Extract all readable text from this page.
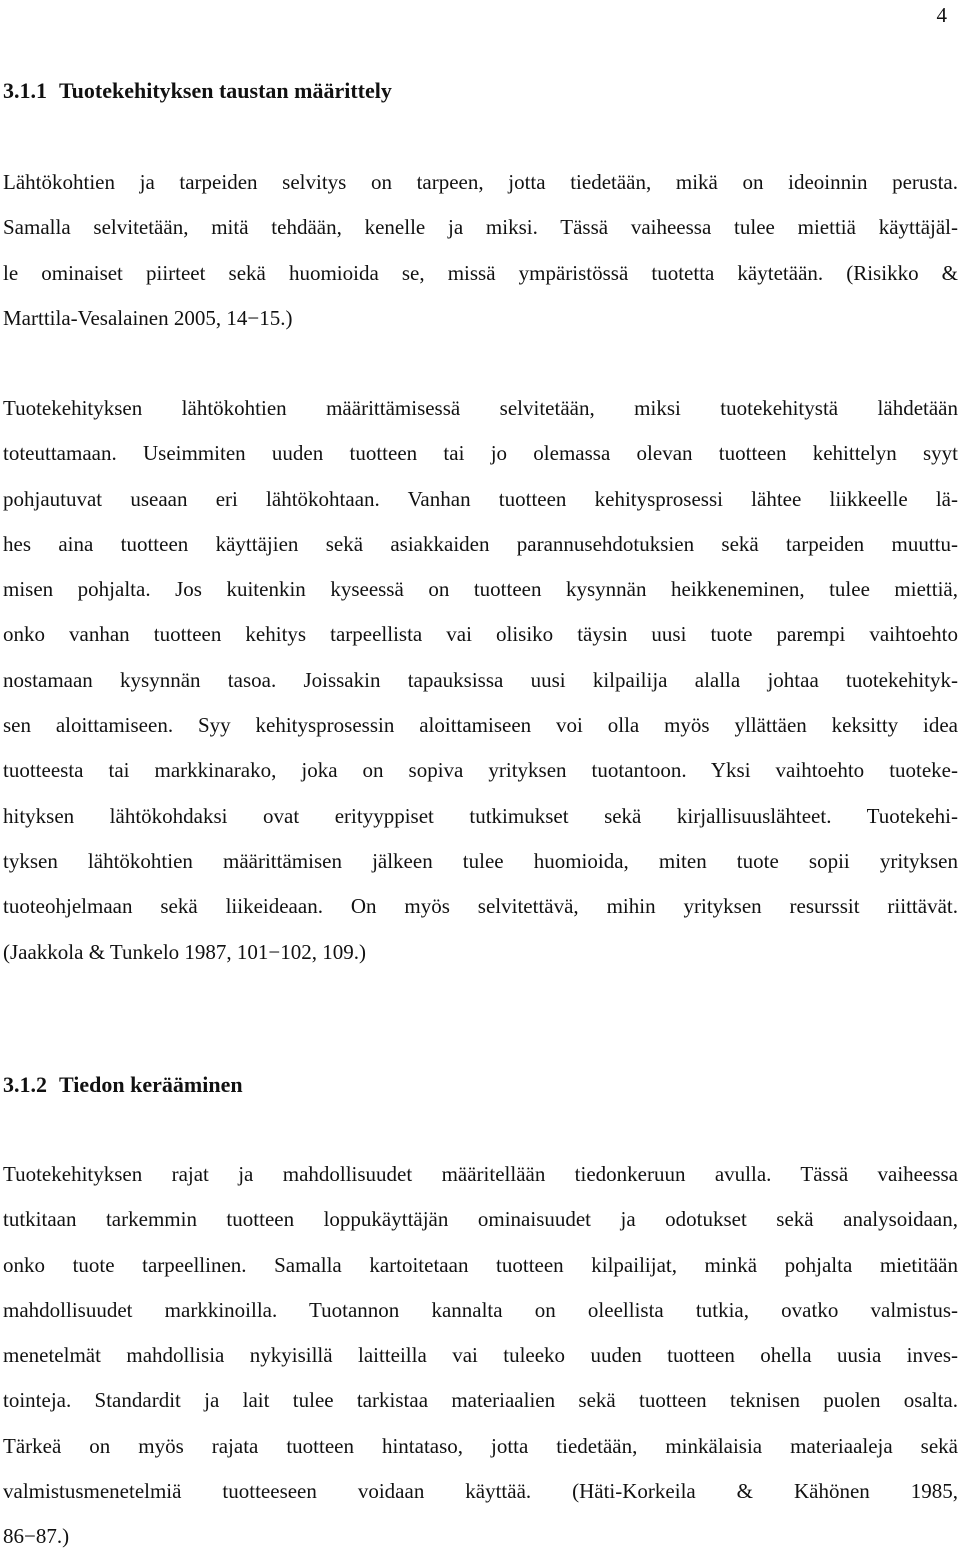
4
3.1.1 Tuotekehityksen taustan määrittely
Lähtökohtien ja tarpeiden selvitys on tarpeen, jotta tiedetään, mikä on ideoinnin perusta.
Samalla selvitetään, mitä tehdään, kenelle ja miksi. Tässä vaiheessa tulee miettiä käyttäjäl-
le ominaiset piirteet sekä huomioida se, missä ympäristössä tuotetta käytetään. (Risikko &
Marttila-Vesalainen 2005, 14−15.)
Tuotekehityksen lähtökohtien määrittämisessä selvitetään, miksi tuotekehitystä lähdetään
toteuttamaan. Useimmiten uuden tuotteen tai jo olemassa olevan tuotteen kehittelyn syyt
pohjautuvat useaan eri lähtökohtaan. Vanhan tuotteen kehitysprosessi lähtee liikkeelle lä-
hes aina tuotteen käyttäjien sekä asiakkaiden parannusehdotuksien sekä tarpeiden muuttu-
misen pohjalta. Jos kuitenkin kyseessä on tuotteen kysynnän heikkeneminen, tulee miettiä,
onko vanhan tuotteen kehitys tarpeellista vai olisiko täysin uusi tuote parempi vaihtoehto
nostamaan kysynnän tasoa. Joissakin tapauksissa uusi kilpailija alalla johtaa tuotekehityk-
sen aloittamiseen. Syy kehitysprosessin aloittamiseen voi olla myös yllättäen keksitty idea
tuotteesta tai markkinarako, joka on sopiva yrityksen tuotantoon. Yksi vaihtoehto tuoteke-
hityksen lähtökohdaksi ovat erityyppiset tutkimukset sekä kirjallisuuslähteet. Tuotekehi-
tyksen lähtökohtien määrittämisen jälkeen tulee huomioida, miten tuote sopii yrityksen
tuoteohjelmaan sekä liikeideaan. On myös selvitettävä, mihin yrityksen resurssit riittävät.
(Jaakkola & Tunkelo 1987, 101−102, 109.)
3.1.2 Tiedon kerääminen
Tuotekehityksen rajat ja mahdollisuudet määritellään tiedonkeruun avulla. Tässä vaiheessa
tutkitaan tarkemmin tuotteen loppukäyttäjän ominaisuudet ja odotukset sekä analysoidaan,
onko tuote tarpeellinen. Samalla kartoitetaan tuotteen kilpailijat, minkä pohjalta mietitään
mahdollisuudet markkinoilla. Tuotannon kannalta on oleellista tutkia, ovatko valmistus-
menetelmät mahdollisia nykyisillä laitteilla vai tuleeko uuden tuotteen ohella uusia inves-
tointeja. Standardit ja lait tulee tarkistaa materiaalien sekä tuotteen teknisen puolen osalta.
Tärkeä on myös rajata tuotteen hintataso, jotta tiedetään, minkälaisia materiaaleja sekä
valmistusmenetelmiä tuotteeseen voidaan käyttää. (Häti-Korkeila & Kähönen 1985,
86−87.)
